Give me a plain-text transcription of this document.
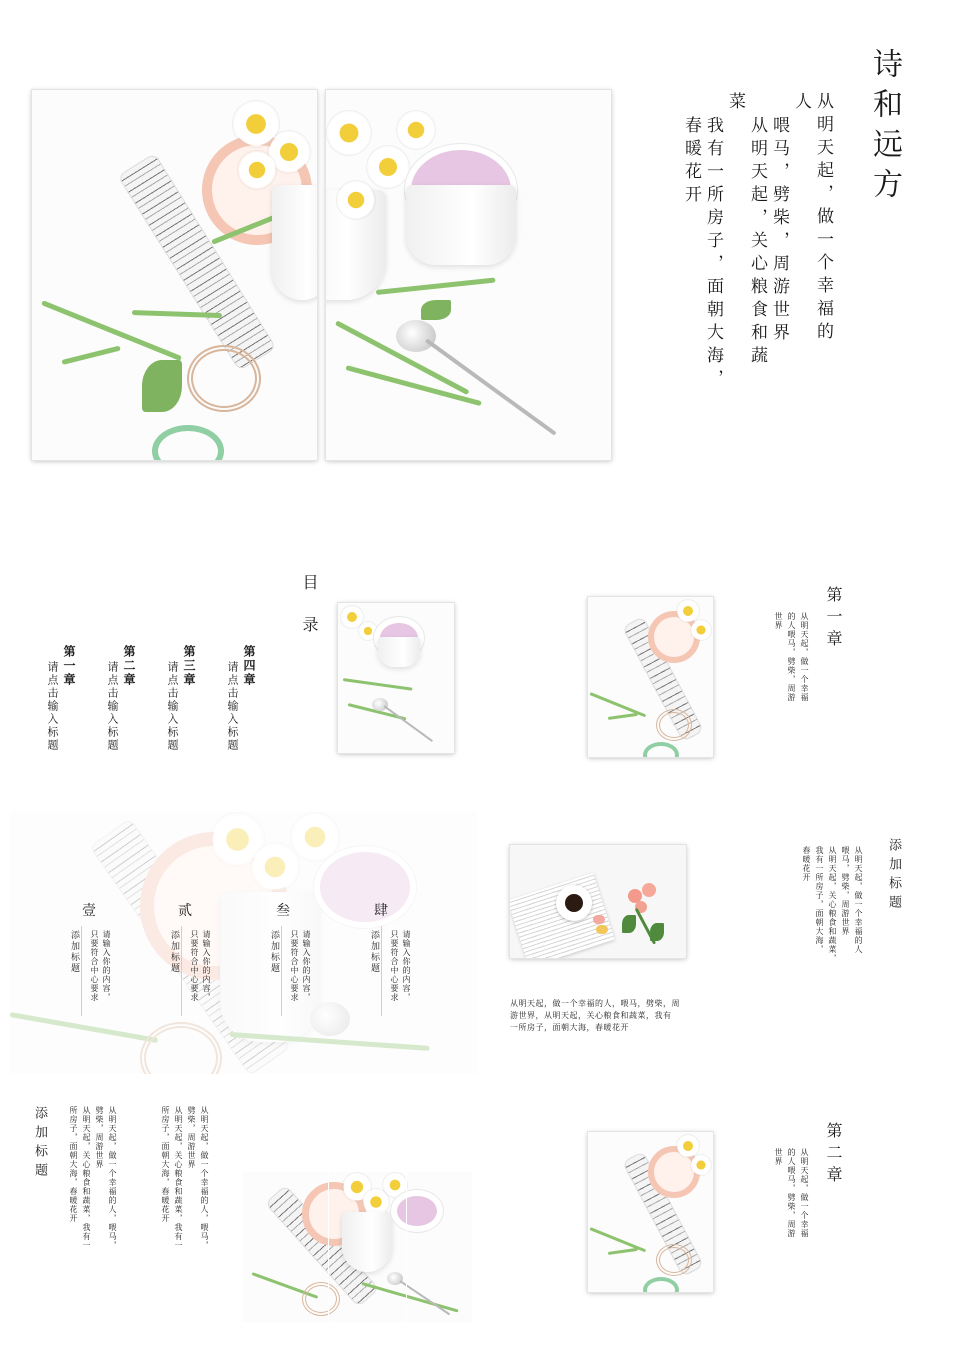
诗和远方
从明天起，做一个幸福的
人
喂马，劈柴，周游世界
从明天起，关心粮食和蔬
菜
我有一所房子，面朝大海，
春暖花开
目录
第四章
请点击输入标题
第三章
请点击输入标题
第二章
请点击输入标题
第一章
请点击输入标题
第一章
从明天起，做一个幸福
的人喂马，劈柴，周游
世界
壹
添加标题	请输入你的内容，
只要符合中心要求
贰
添加标题	请输入你的内容，
只要符合中心要求
叁
添加标题	请输入你的内容，
只要符合中心要求
肆
添加标题	请输入你的内容，
只要符合中心要求
从明天起，做一个幸福的人，喂马，劈柴，周
游世界，从明天起，关心粮食和蔬菜，我有
一所房子，面朝大海，春暖花开
添加标题
从明天起，做一个幸福的人
喂马，劈柴，周游世界
从明天起，关心粮食和蔬菜，
我有一所房子，面朝大海，
春暖花开
添加标题	从明天起，做一个幸福的人，喂马，
劈柴，周游世界
从明天起，关心粮食和蔬菜，我有一
所房子，面朝大海，春暖花开	从明天起，做一个幸福的人，喂马，
劈柴，周游世界
从明天起，关心粮食和蔬菜，我有一
所房子，面朝大海，春暖花开	第二章
从明天起，做一个幸福
的人喂马，劈柴，周游
世界
